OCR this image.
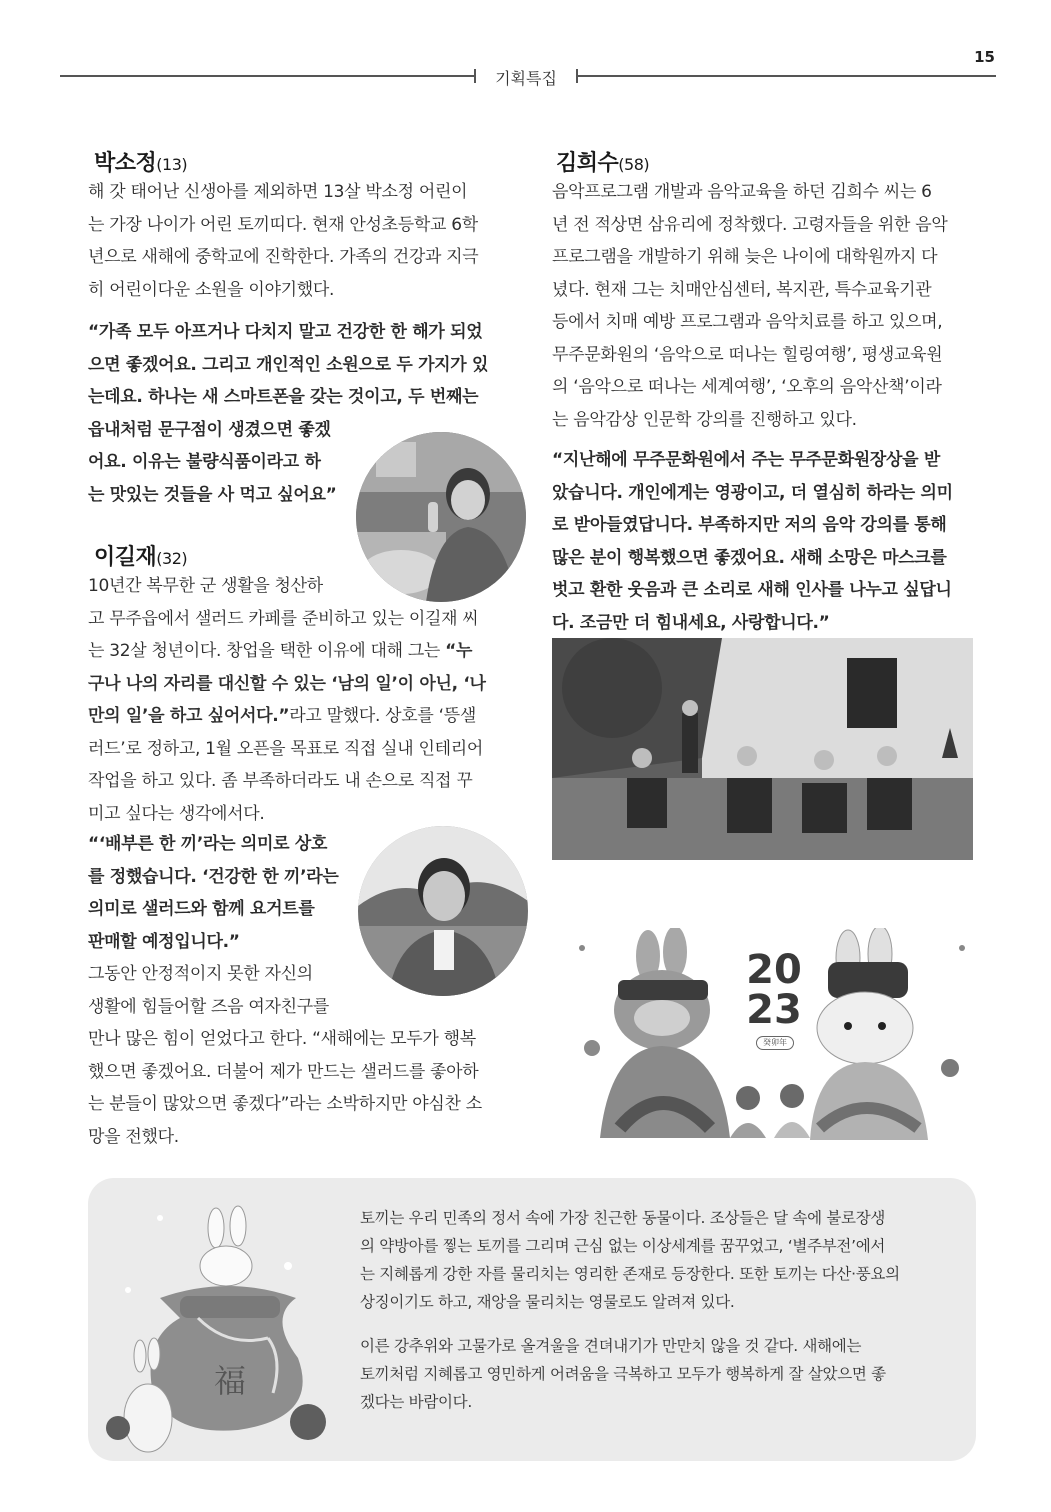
15
기획특집
박소정(13)

해 갓 태어난 신생아를 제외하면 13살 박소정 어린이
는 가장 나이가 어린 토끼띠다. 현재 안성초등학교 6학
년으로 새해에 중학교에 진학한다. 가족의 건강과 지극
히 어린이다운 소원을 이야기했다.

“가족 모두 아프거나 다치지 말고 건강한 한 해가 되었
으면 좋겠어요. 그리고 개인적인 소원으로 두 가지가 있
는데요. 하나는 새 스마트폰을 갖는 것이고, 두 번째는
읍내처럼 문구점이 생겼으면 좋겠
어요. 이유는 불량식품이라고 하
는 맛있는 것들을 사 먹고 싶어요”

이길재(32)

10년간 복무한 군 생활을 청산하
고 무주읍에서 샐러드 카페를 준비하고 있는 이길재 씨
는 32살 청년이다. 창업을 택한 이유에 대해 그는 “누
구나 나의 자리를 대신할 수 있는 ‘남의 일’이 아닌, ‘나
만의 일’을 하고 싶어서다.”라고 말했다. 상호를 ‘뜽샐
러드’로 정하고, 1월 오픈을 목표로 직접 실내 인테리어
작업을 하고 있다. 좀 부족하더라도 내 손으로 직접 꾸
미고 싶다는 생각에서다.

“‘배부른 한 끼’라는 의미로 상호
를 정했습니다. ‘건강한 한 끼’라는
의미로 샐러드와 함께 요거트를
판매할 예정입니다.”

그동안 안정적이지 못한 자신의
생활에 힘들어할 즈음 여자친구를
만나 많은 힘이 얻었다고 한다. “새해에는 모두가 행복
했으면 좋겠어요. 더불어 제가 만드는 샐러드를 좋아하
는 분들이 많았으면 좋겠다”라는 소박하지만 야심찬 소
망을 전했다.

김희수(58)

음악프로그램 개발과 음악교육을 하던 김희수 씨는 6
년 전 적상면 삼유리에 정착했다. 고령자들을 위한 음악
프로그램을 개발하기 위해 늦은 나이에 대학원까지 다
녔다. 현재 그는 치매안심센터, 복지관, 특수교육기관
등에서 치매 예방 프로그램과 음악치료를 하고 있으며,
무주문화원의 ‘음악으로 떠나는 힐링여행’, 평생교육원
의 ‘음악으로 떠나는 세계여행’, ‘오후의 음악산책’이라
는 음악감상 인문학 강의를 진행하고 있다.

“지난해에 무주문화원에서 주는 무주문화원장상을 받
았습니다. 개인에게는 영광이고, 더 열심히 하라는 의미
로 받아들였답니다. 부족하지만 저의 음악 강의를 통해
많은 분이 행복했으면 좋겠어요. 새해 소망은 마스크를
벗고 환한 웃음과 큰 소리로 새해 인사를 나누고 싶답니
다. 조금만 더 힘내세요, 사랑합니다.”

20
23
癸卯年
福

토끼는 우리 민족의 정서 속에 가장 친근한 동물이다. 조상들은 달 속에 불로장생
의 약방아를 찧는 토끼를 그리며 근심 없는 이상세계를 꿈꾸었고, ‘별주부전’에서
는 지혜롭게 강한 자를 물리치는 영리한 존재로 등장한다. 또한 토끼는 다산·풍요의
상징이기도 하고, 재앙을 물리치는 영물로도 알려져 있다.

이른 강추위와 고물가로 올겨울을 견뎌내기가 만만치 않을 것 같다. 새해에는
토끼처럼 지혜롭고 영민하게 어려움을 극복하고 모두가 행복하게 잘 살았으면 좋
겠다는 바람이다.
